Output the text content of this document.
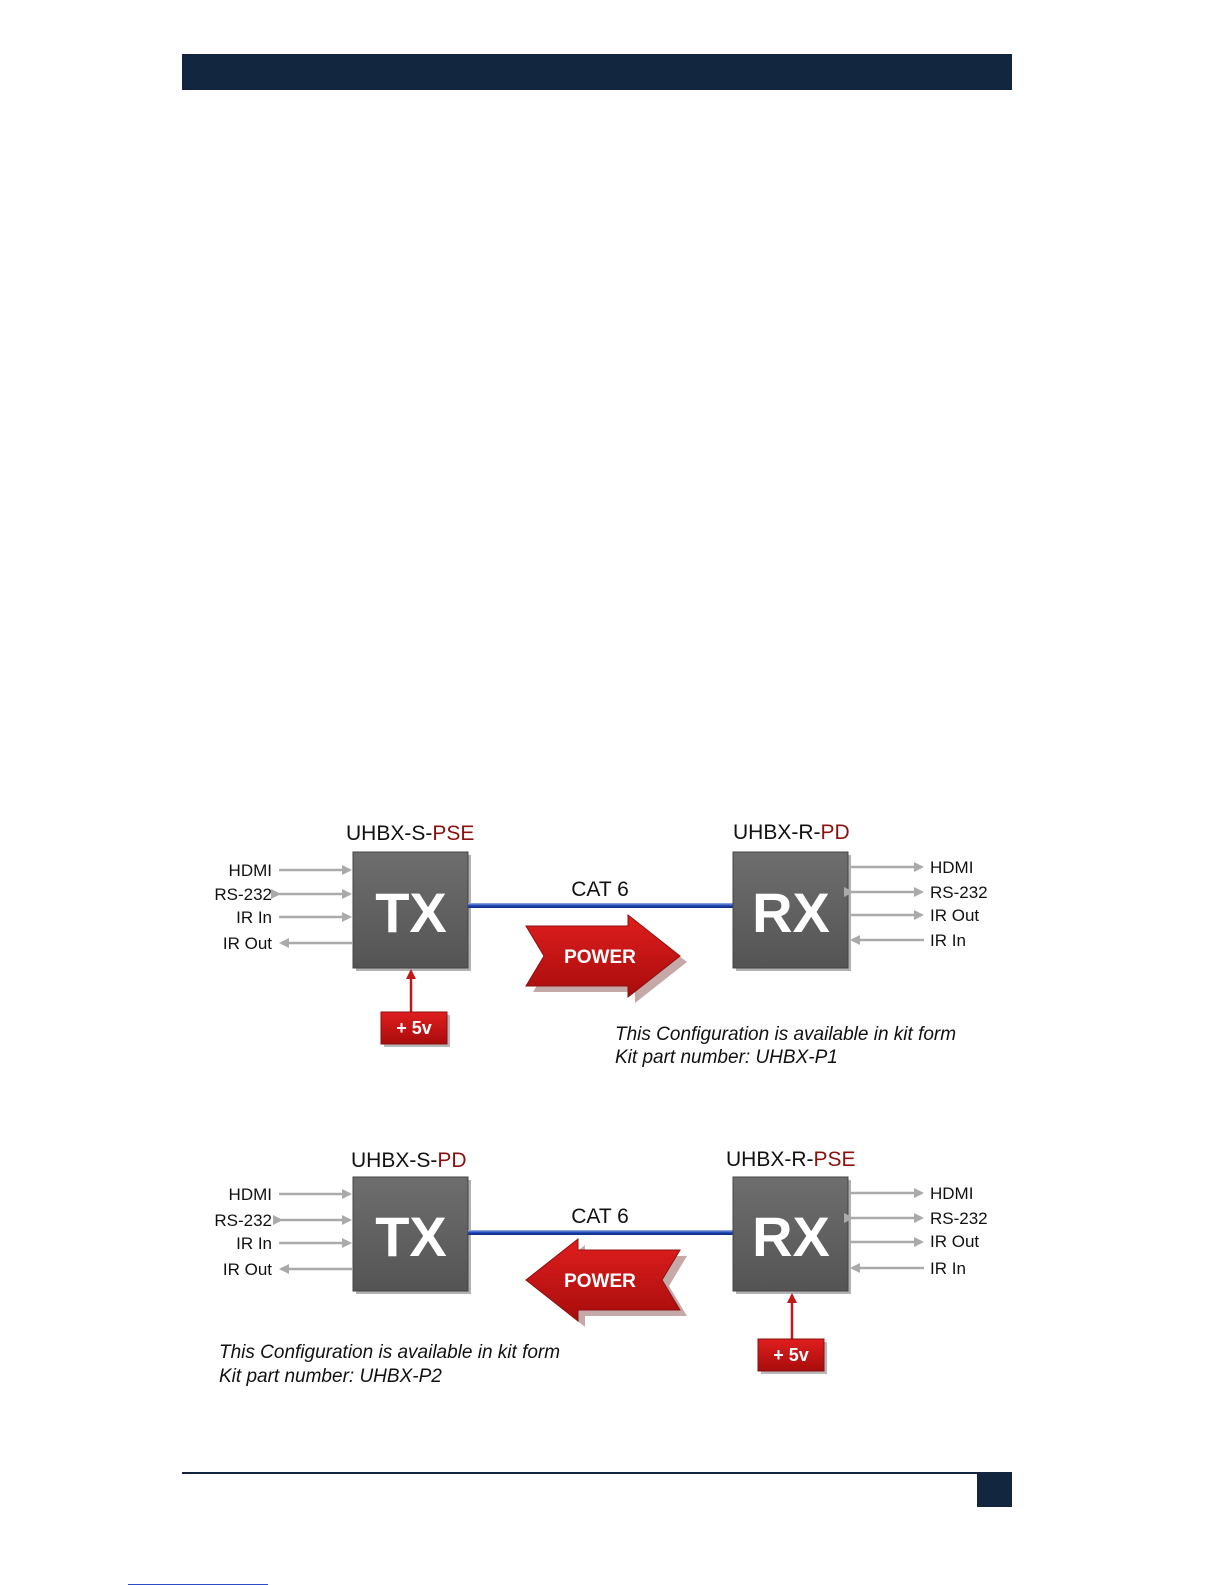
UHBX-S-PSE	UHBX-R-PD
HDMI
RS-232
IR In
IR Out TX	CAT 6
POWER
+ 5v
RX
HDMI
RS-232
IR Out
IR In
This Configuration is available in kit form
Kit part number: UHBX-P1
UHBX-S-PD	UHBX-R-PSE
HDMI
RS-232
IR In
IR Out
TX	CAT 6
POWER
RX
+ 5v
HDMI
RS-232
IR Out
IR In
This Configuration is available in kit form
Kit part number: UHBX-P2
